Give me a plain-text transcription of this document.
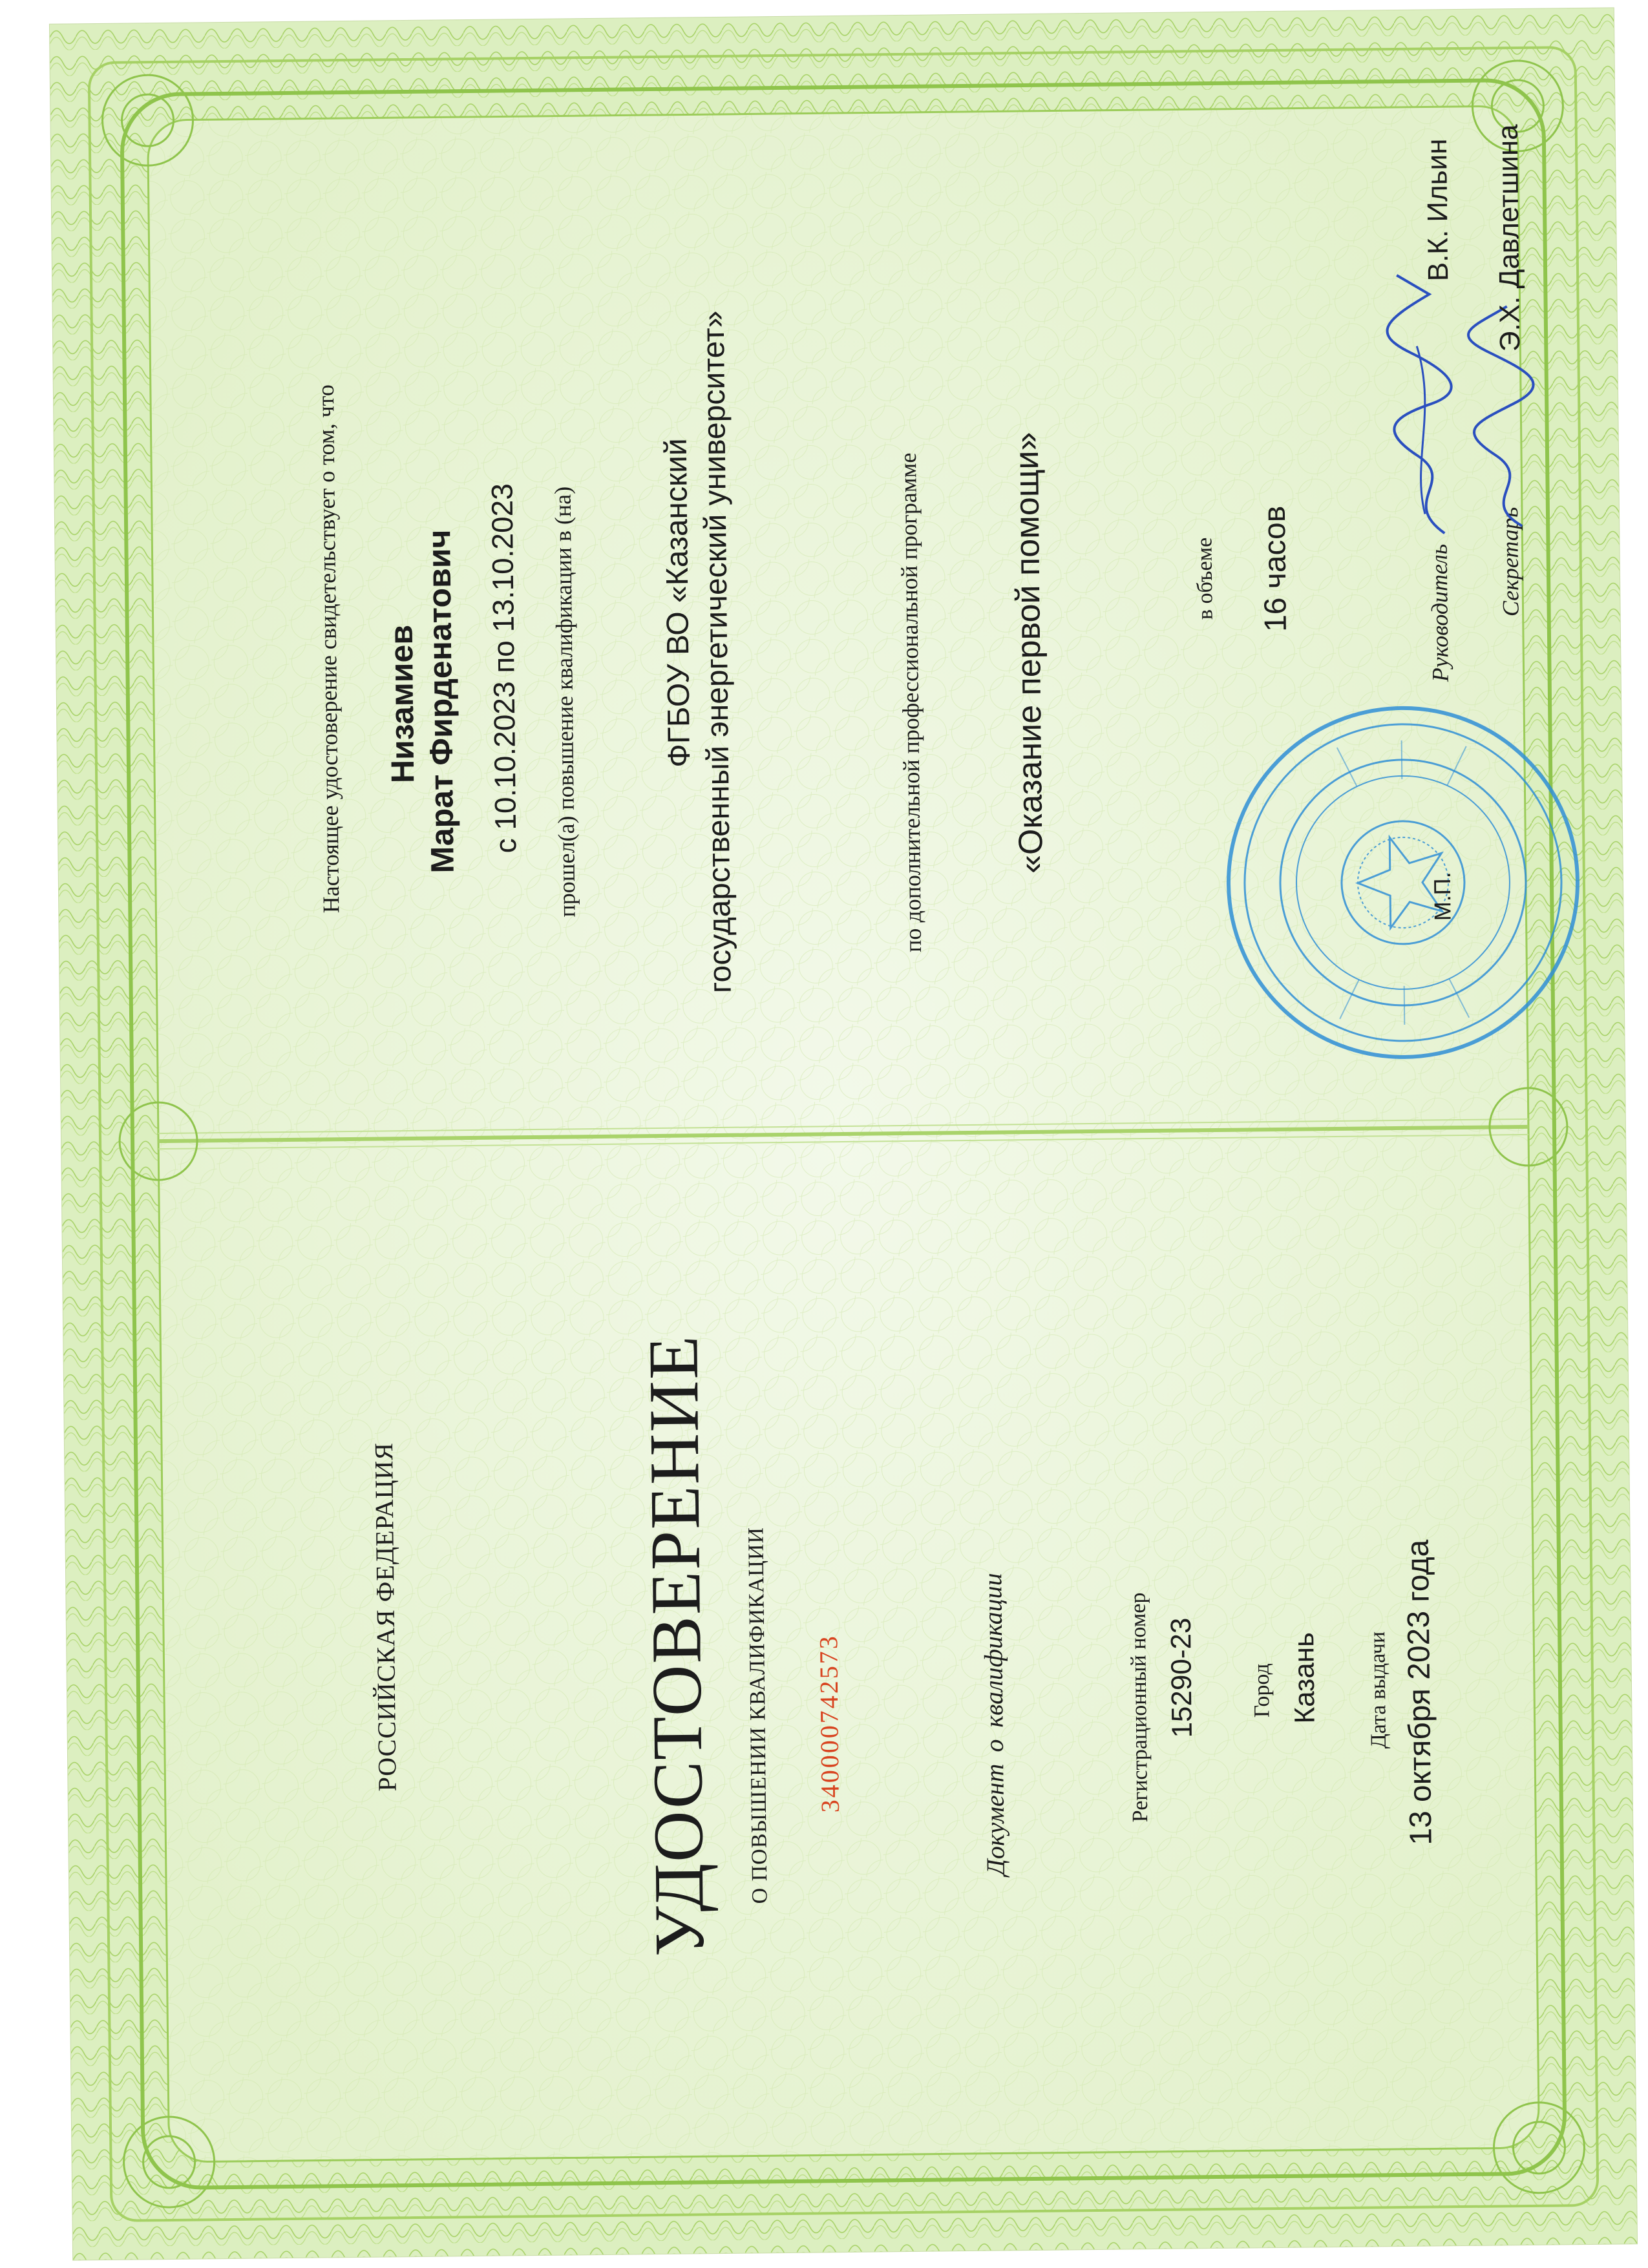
РОССИЙСКАЯ ФЕДЕРАЦИЯ	УДОСТОВЕРЕНИЕ О ПОВЫШЕНИИ КВАЛИФИКАЦИИ 340000742573	Документ о квалификации	Регистрационный номер 15290-23 Город Казань Дата выдачи 13 октября 2023 года
Настоящее удостоверение свидетельствует о том, что Низамиев Марат Фирденатович с 10.10.2023 по 13.10.2023 прошел(а) повышение квалификации в (на)	ФГБОУ ВО «Казанский государственный энергетический университет»	по дополнительной профессиональной программе «Оказание первой помощи»	в объеме 16 часов
М.П.
Руководитель
В.К. Ильин
Секретарь
Э.Х. Давлетшина
